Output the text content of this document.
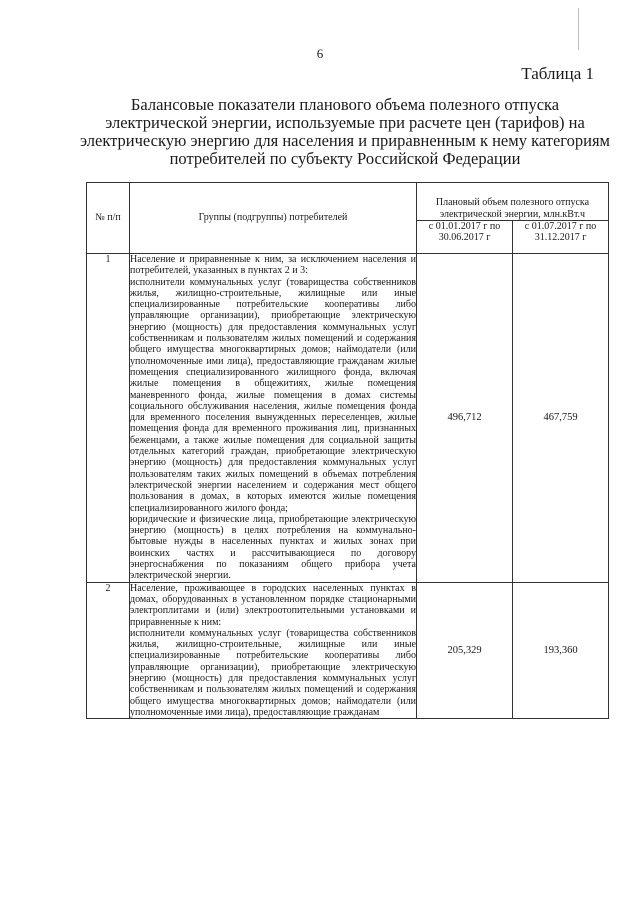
6
Таблица 1
Балансовые показатели планового объема полезного отпуска электрической энергии, используемые при расчете цен (тарифов) на электрическую энергию для населения и приравненным к нему категориям потребителей по субъекту Российской Федерации
№ п/п	Группы (подгруппы) потребителей	Плановый объем полезного отпуска электрической энергии, млн.кВт.ч	
		с 01.01.2017 г по 30.06.2017 г	с 01.07.2017 г по 31.12.2017 г
1	Население и приравненные к ним, за исключением населения и потребителей, указанных в пунктах 2 и 3:
исполнители коммунальных услуг (товарищества собственников жилья, жилищно-строительные, жилищные или иные специализированные потребительские кооперативы либо управляющие организации), приобретающие электрическую энергию (мощность) для предоставления коммунальных услуг собственникам и пользователям жилых помещений и содержания общего имущества многоквартирных домов; наймодатели (или уполномоченные ими лица), предоставляющие гражданам жилые помещения специализированного жилищного фонда, включая жилые помещения в общежитиях, жилые помещения маневренного фонда, жилые помещения в домах системы социального обслуживания населения, жилые помещения фонда для временного поселения вынужденных переселенцев, жилые помещения фонда для временного проживания лиц, признанных беженцами, а также жилые помещения для социальной защиты отдельных категорий граждан, приобретающие электрическую энергию (мощность) для предоставления коммунальных услуг пользователям таких жилых помещений в объемах потребления электрической энергии населением и содержания мест общего пользования в домах, в которых имеются жилые помещения специализированного жилого фонда;
юридические и физические лица, приобретающие электрическую энергию (мощность) в целях потребления на коммунально-бытовые нужды в населенных пунктах и жилых зонах при воинских частях и рассчитывающиеся по договору энергоснабжения по показаниям общего прибора учета электрической энергии.	496,712	467,759
2	Население, проживающее в городских населенных пунктах в домах, оборудованных в установленном порядке стационарными электроплитами и (или) электроотопительными установками и приравненные к ним:
исполнители коммунальных услуг (товарищества собственников жилья, жилищно-строительные, жилищные или иные специализированные потребительские кооперативы либо управляющие организации), приобретающие электрическую энергию (мощность) для предоставления коммунальных услуг собственникам и пользователям жилых помещений и содержания общего имущества многоквартирных домов; наймодатели (или уполномоченные ими лица), предоставляющие гражданам	205,329	193,360
